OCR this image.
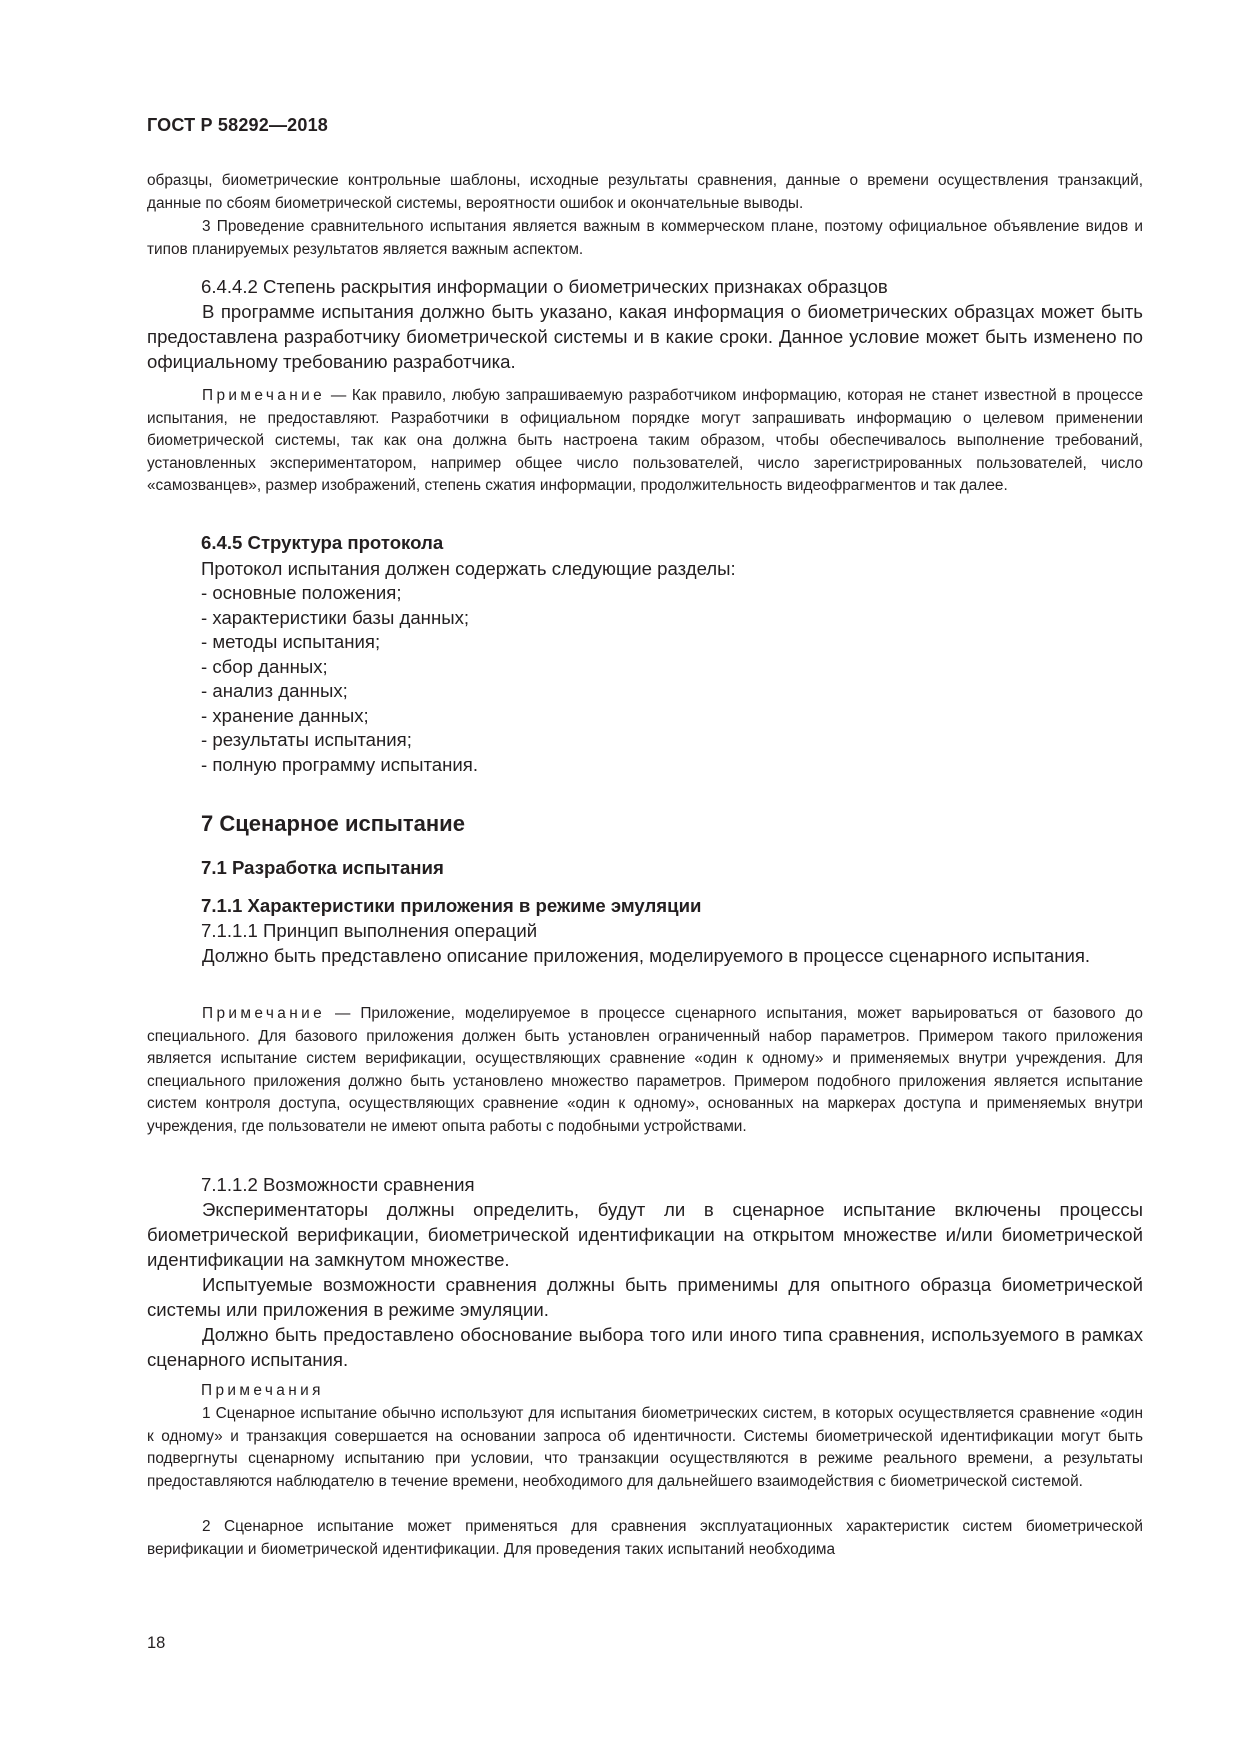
ГОСТ Р 58292—2018

образцы, биометрические контрольные шаблоны, исходные результаты сравнения, данные о времени осуществления транзакций, данные по сбоям биометрической системы, вероятности ошибок и окончательные выводы.

3 Проведение сравнительного испытания является важным в коммерческом плане, поэтому официальное объявление видов и типов планируемых результатов является важным аспектом.

6.4.4.2 Степень раскрытия информации о биометрических признаках образцов

В программе испытания должно быть указано, какая информация о биометрических образцах может быть предоставлена разработчику биометрической системы и в какие сроки. Данное условие может быть изменено по официальному требованию разработчика.

Примечание — Как правило, любую запрашиваемую разработчиком информацию, которая не станет известной в процессе испытания, не предоставляют. Разработчики в официальном порядке могут запрашивать информацию о целевом применении биометрической системы, так как она должна быть настроена таким образом, чтобы обеспечивалось выполнение требований, установленных экспериментатором, например общее число пользователей, число зарегистрированных пользователей, число «самозванцев», размер изображений, степень сжатия информации, продолжительность видеофрагментов и так далее.

6.4.5 Структура протокола
Протокол испытания должен содержать следующие разделы:
- основные положения;
- характеристики базы данных;
- методы испытания;
- сбор данных;
- анализ данных;
- хранение данных;
- результаты испытания;
- полную программу испытания.
7 Сценарное испытание
7.1 Разработка испытания
7.1.1 Характеристики приложения в режиме эмуляции
7.1.1.1 Принцип выполнения операций

Должно быть представлено описание приложения, моделируемого в процессе сценарного испытания.

Примечание — Приложение, моделируемое в процессе сценарного испытания, может варьироваться от базового до специального. Для базового приложения должен быть установлен ограниченный набор параметров. Примером такого приложения является испытание систем верификации, осуществляющих сравнение «один к одному» и применяемых внутри учреждения. Для специального приложения должно быть установлено множество параметров. Примером подобного приложения является испытание систем контроля доступа, осуществляющих сравнение «один к одному», основанных на маркерах доступа и применяемых внутри учреждения, где пользователи не имеют опыта работы с подобными устройствами.

7.1.1.2 Возможности сравнения

Экспериментаторы должны определить, будут ли в сценарное испытание включены процессы биометрической верификации, биометрической идентификации на открытом множестве и/или биометрической идентификации на замкнутом множестве.

Испытуемые возможности сравнения должны быть применимы для опытного образца биометрической системы или приложения в режиме эмуляции.

Должно быть предоставлено обоснование выбора того или иного типа сравнения, используемого в рамках сценарного испытания.

Примечания

1 Сценарное испытание обычно используют для испытания биометрических систем, в которых осуществляется сравнение «один к одному» и транзакция совершается на основании запроса об идентичности. Системы биометрической идентификации могут быть подвергнуты сценарному испытанию при условии, что транзакции осуществляются в режиме реального времени, а результаты предоставляются наблюдателю в течение времени, необходимого для дальнейшего взаимодействия с биометрической системой.

2 Сценарное испытание может применяться для сравнения эксплуатационных характеристик систем биометрической верификации и биометрической идентификации. Для проведения таких испытаний необходима

18
